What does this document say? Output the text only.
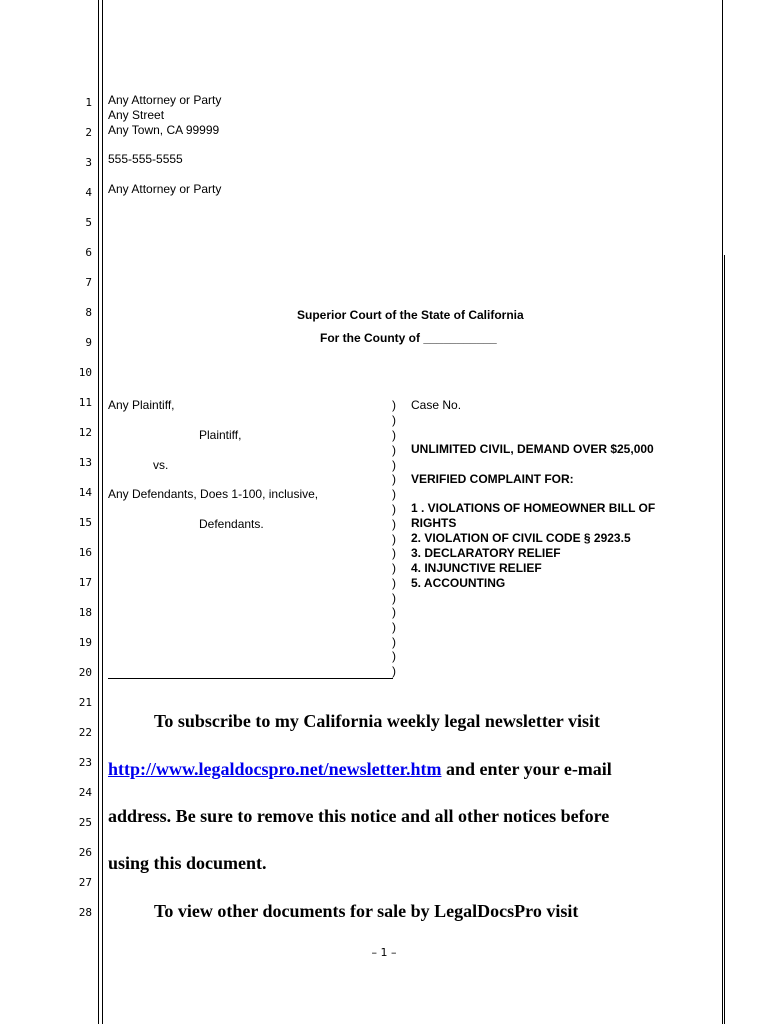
1
2
3
4
5
6
7
8
9
10
11
12
13
14
15
16
17
18
19
20
21
22
23
24
25
26
27
28
Any Attorney or Party
Any Street
Any Town, CA 99999
555-555-5555
Any Attorney or Party
Superior Court of the State of California
For the County of ___________
Any Plaintiff,
Plaintiff,
vs.
Any Defendants, Does 1-100, inclusive,
Defendants.
)
)
)
)
)
)
)
)
)
)
)
)
)
)
)
)
)
)
)
Case No.
UNLIMITED CIVIL, DEMAND OVER $25,000
VERIFIED COMPLAINT FOR:
1 . VIOLATIONS OF HOMEOWNER BILL OF
RIGHTS
2. VIOLATION OF CIVIL CODE § 2923.5
3. DECLARATORY RELIEF
4. INJUNCTIVE RELIEF
5. ACCOUNTING
To subscribe to my California weekly legal newsletter visit
http://www.legaldocspro.net/newsletter.htm and enter your e-mail
address. Be sure to remove this notice and all other notices before
using this document.
To view other documents for sale by LegalDocsPro visit
– 1 –
